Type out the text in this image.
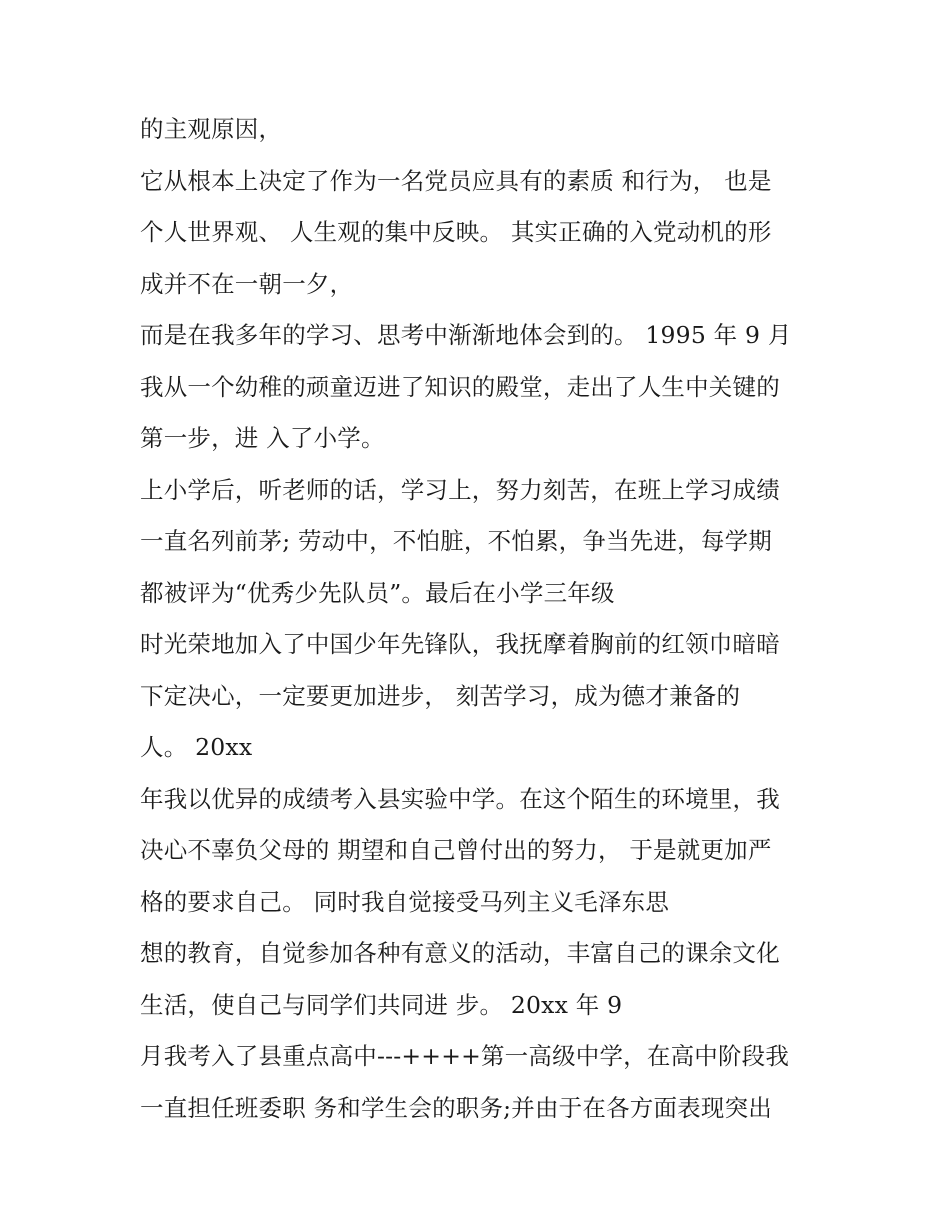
的主观原因，
它从根本上决定了作为一名党员应具有的素质 和行为， 也是
个人世界观、 人生观的集中反映。 其实正确的入党动机的形
成并不在一朝一夕，
而是在我多年的学习、思考中渐渐地体会到的。 1995 年 9 月
我从一个幼稚的顽童迈进了知识的殿堂，走出了人生中关键的
第一步，进 入了小学。
上小学后，听老师的话，学习上，努力刻苦，在班上学习成绩
一直名列前茅; 劳动中，不怕脏，不怕累，争当先进，每学期
都被评为“优秀少先队员”。最后在小学三年级
时光荣地加入了中国少年先锋队，我抚摩着胸前的红领巾暗暗
下定决心，一定要更加进步， 刻苦学习，成为德才兼备的
人。 20xx
年我以优异的成绩考入县实验中学。在这个陌生的环境里，我
决心不辜负父母的 期望和自己曾付出的努力， 于是就更加严
格的要求自己。 同时我自觉接受马列主义毛泽东思
想的教育，自觉参加各种有意义的活动，丰富自己的课余文化
生活，使自己与同学们共同进 步。 20xx 年 9
月我考入了县重点高中---++++第一高级中学，在高中阶段我
一直担任班委职 务和学生会的职务;并由于在各方面表现突出
